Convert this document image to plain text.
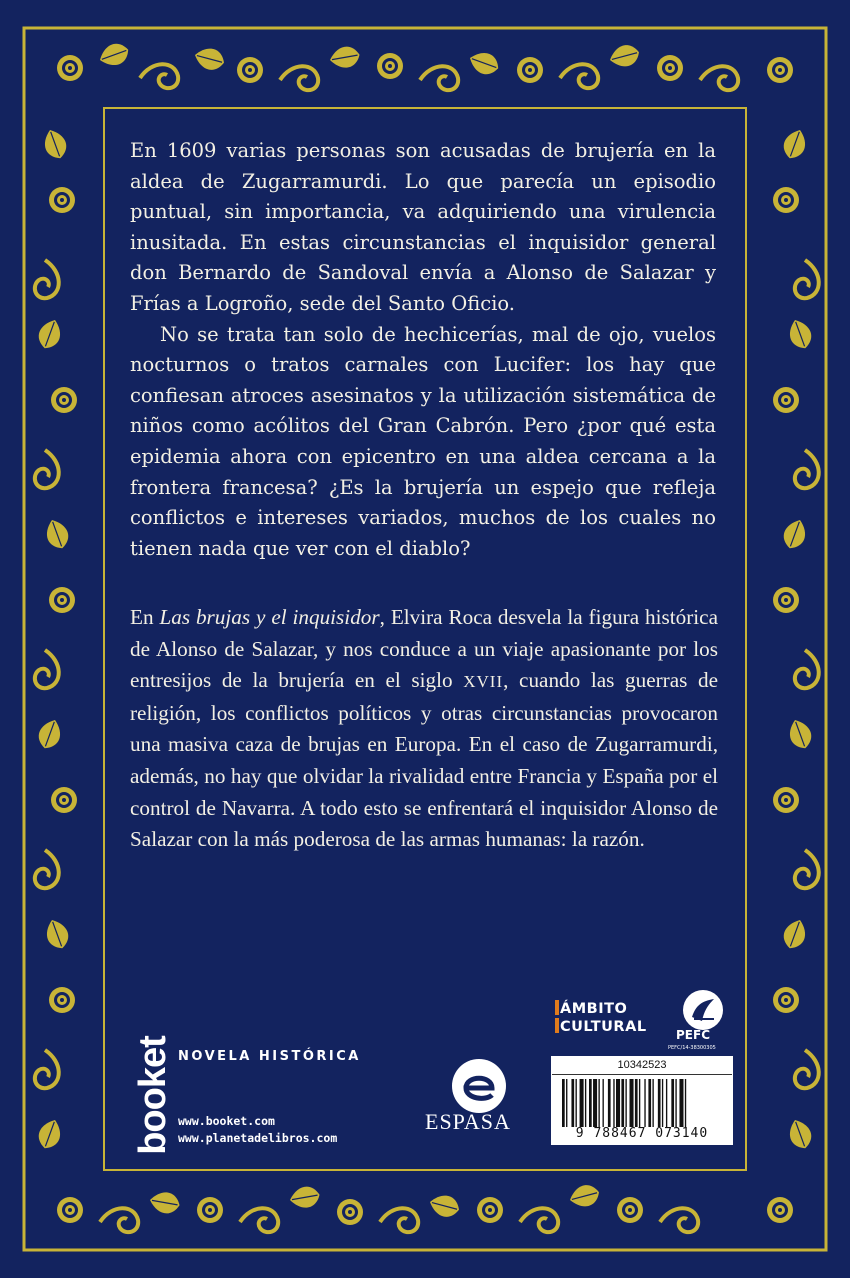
En 1609 varias personas son acusadas de brujería en la aldea de Zugarramurdi. Lo que parecía un episodio puntual, sin importancia, va adquiriendo una virulencia inusitada. En estas circunstancias el inquisidor general don Bernardo de Sandoval envía a Alonso de Salazar y Frías a Logroño, sede del Santo Oficio.

No se trata tan solo de hechicerías, mal de ojo, vuelos nocturnos o tratos carnales con Lucifer: los hay que confiesan atroces asesinatos y la utilización sistemática de niños como acólitos del Gran Cabrón. Pero ¿por qué esta epidemia ahora con epicentro en una aldea cercana a la frontera francesa? ¿Es la brujería un espejo que refleja conflictos e intereses variados, muchos de los cuales no tienen nada que ver con el diablo?

En Las brujas y el inquisidor, Elvira Roca desvela la figura histórica de Alonso de Salazar, y nos conduce a un viaje apasionante por los entresijos de la brujería en el siglo XVII, cuando las guerras de religión, los conflictos políticos y otras circunstancias provocaron una masiva caza de brujas en Europa. En el caso de Zugarramurdi, además, no hay que olvidar la rivalidad entre Francia y España por el control de Navarra. A todo esto se enfrentará el inquisidor Alonso de Salazar con la más poderosa de las armas humanas: la razón.

booket NOVELA HISTÓRICA
www.booket.com
www.planetadelibros.com
ESPASA
ÁMBITO
CULTURAL PEFC
PEFC/14-38300305
10342523
9 788467 073140
